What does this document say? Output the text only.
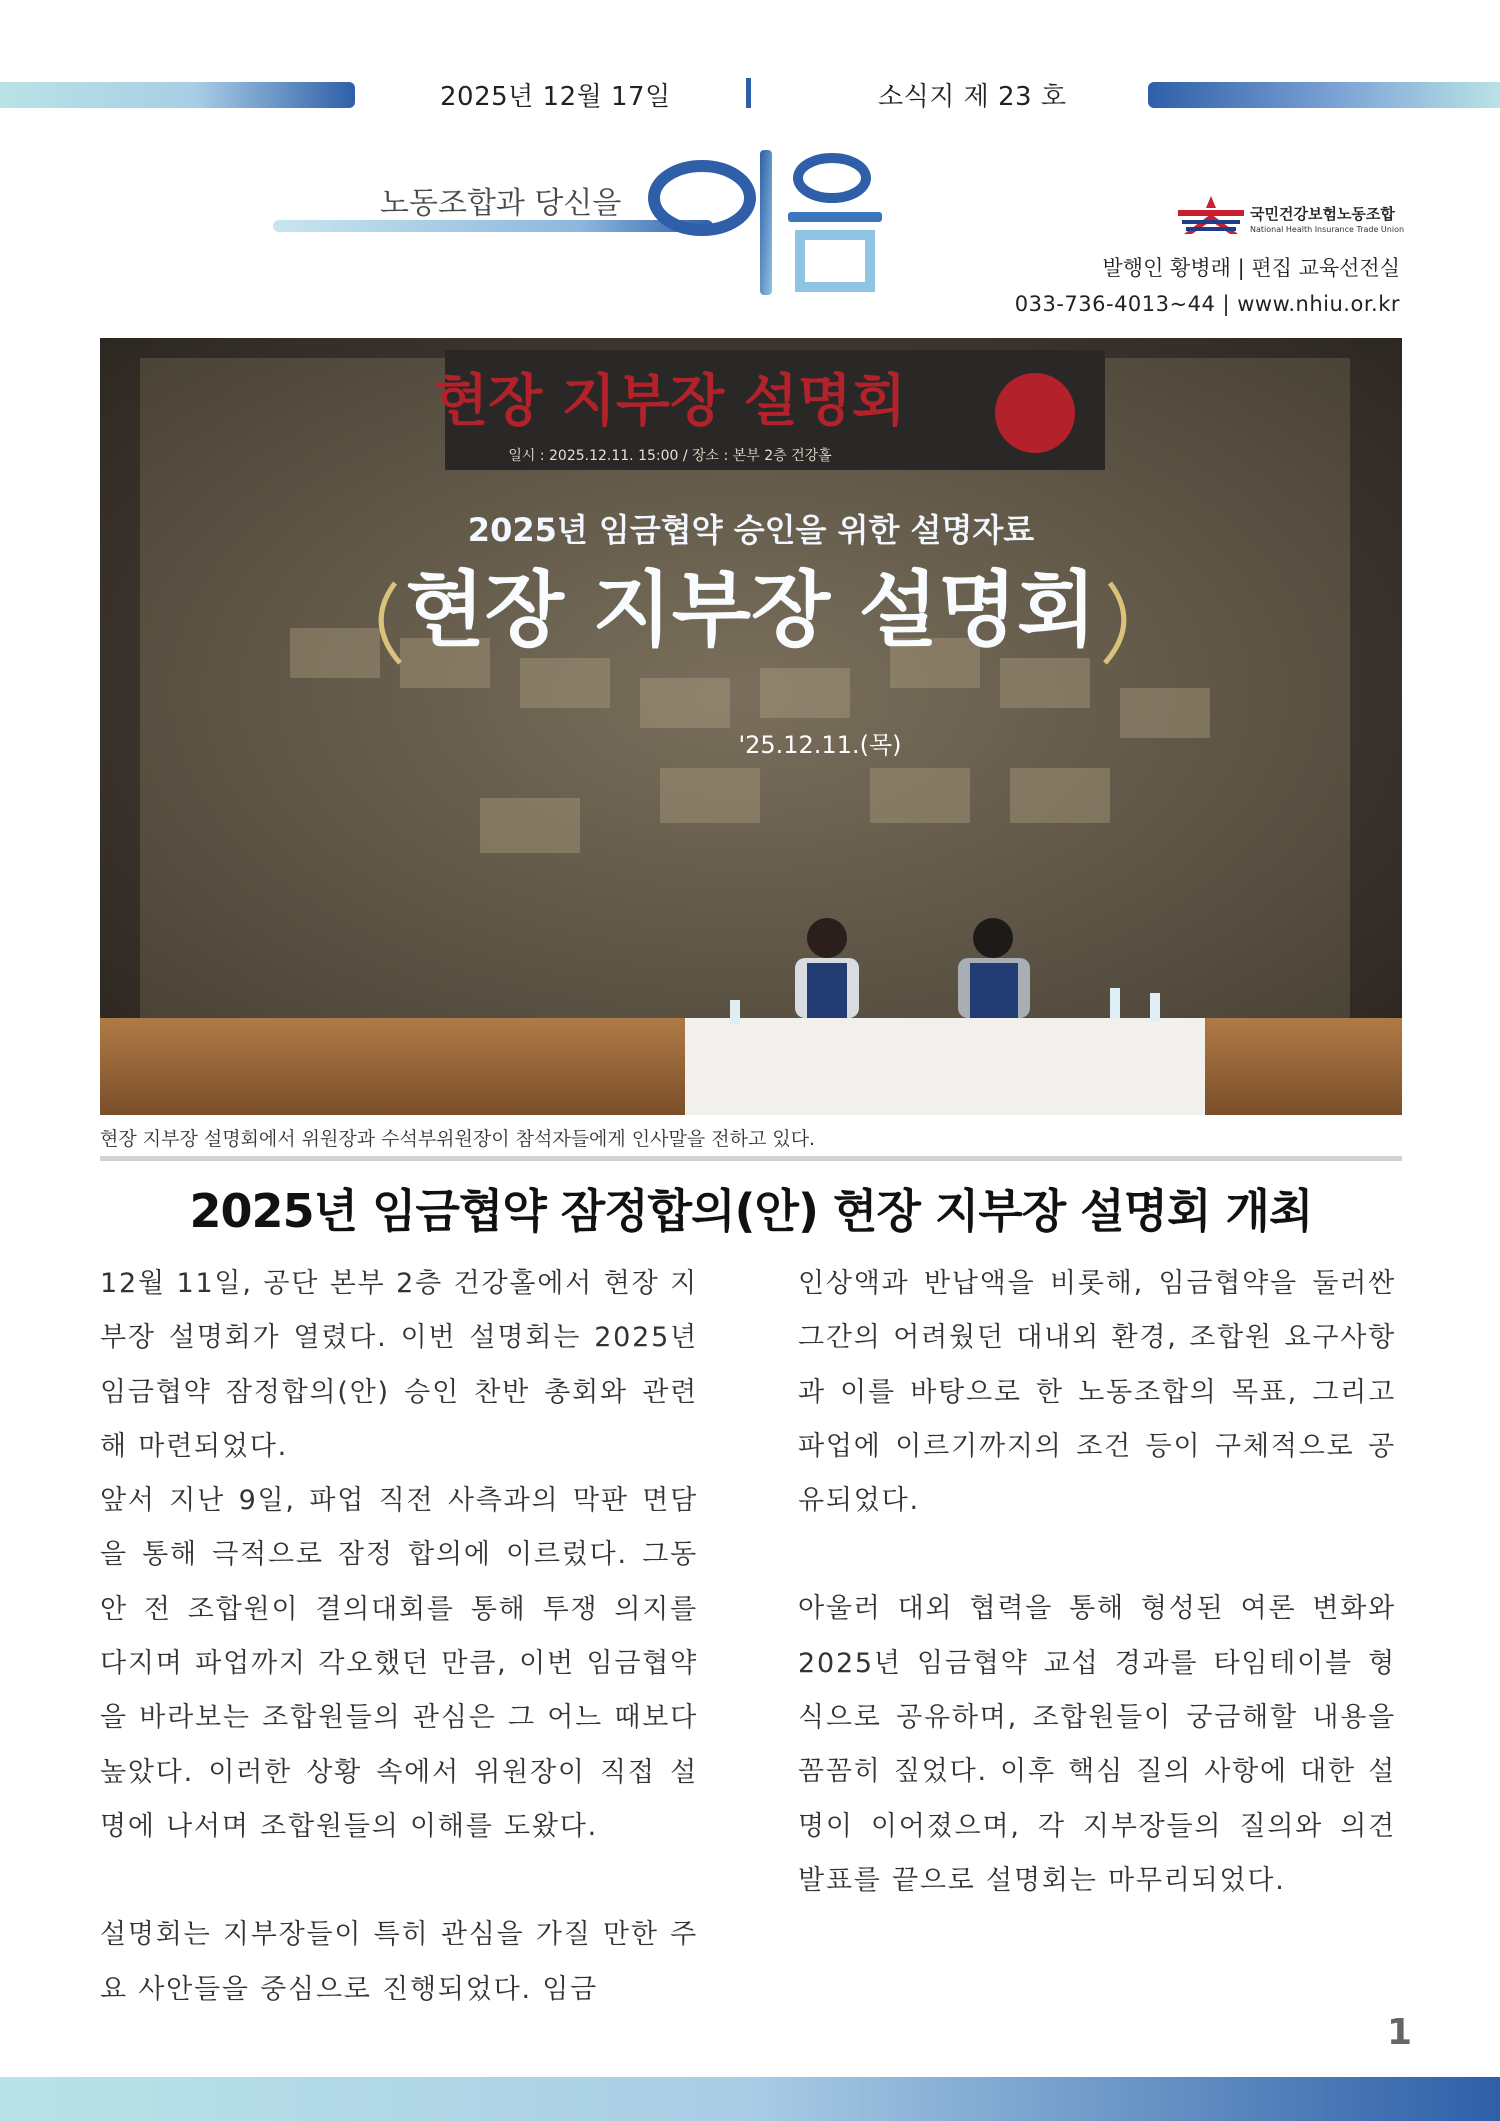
2025년 12월 17일	소식지 제 23 호
노동조합과 당신을	국민건강보험노동조합
National Health Insurance Trade Union
발행인 황병래 | 편집 교육선전실
033-736-4013~44 | www.nhiu.or.kr
현장 지부장 설명회
일시 : 2025.12.11. 15:00 / 장소 : 본부 2층 건강홀
2025년 임금협약 승인을 위한 설명자료
현장 지부장 설명회
'25.12.11.(목)
현장 지부장 설명회에서 위원장과 수석부위원장이 참석자들에게 인사말을 전하고 있다.
2025년 임금협약 잠정합의(안) 현장 지부장 설명회 개최

12월 11일, 공단 본부 2층 건강홀에서 현장 지부장 설명회가 열렸다. 이번 설명회는 2025년 임금협약 잠정합의(안) 승인 찬반 총회와 관련해 마련되었다.

앞서 지난 9일, 파업 직전 사측과의 막판 면담을 통해 극적으로 잠정 합의에 이르렀다. 그동안 전 조합원이 결의대회를 통해 투쟁 의지를 다지며 파업까지 각오했던 만큼, 이번 임금협약을 바라보는 조합원들의 관심은 그 어느 때보다 높았다. 이러한 상황 속에서 위원장이 직접 설명에 나서며 조합원들의 이해를 도왔다.

설명회는 지부장들이 특히 관심을 가질 만한 주요 사안들을 중심으로 진행되었다. 임금

인상액과 반납액을 비롯해, 임금협약을 둘러싼 그간의 어려웠던 대내외 환경, 조합원 요구사항과 이를 바탕으로 한 노동조합의 목표, 그리고 파업에 이르기까지의 조건 등이 구체적으로 공유되었다.

아울러 대외 협력을 통해 형성된 여론 변화와 2025년 임금협약 교섭 경과를 타임테이블 형식으로 공유하며, 조합원들이 궁금해할 내용을 꼼꼼히 짚었다. 이후 핵심 질의 사항에 대한 설명이 이어졌으며, 각 지부장들의 질의와 의견 발표를 끝으로 설명회는 마무리되었다.

1
